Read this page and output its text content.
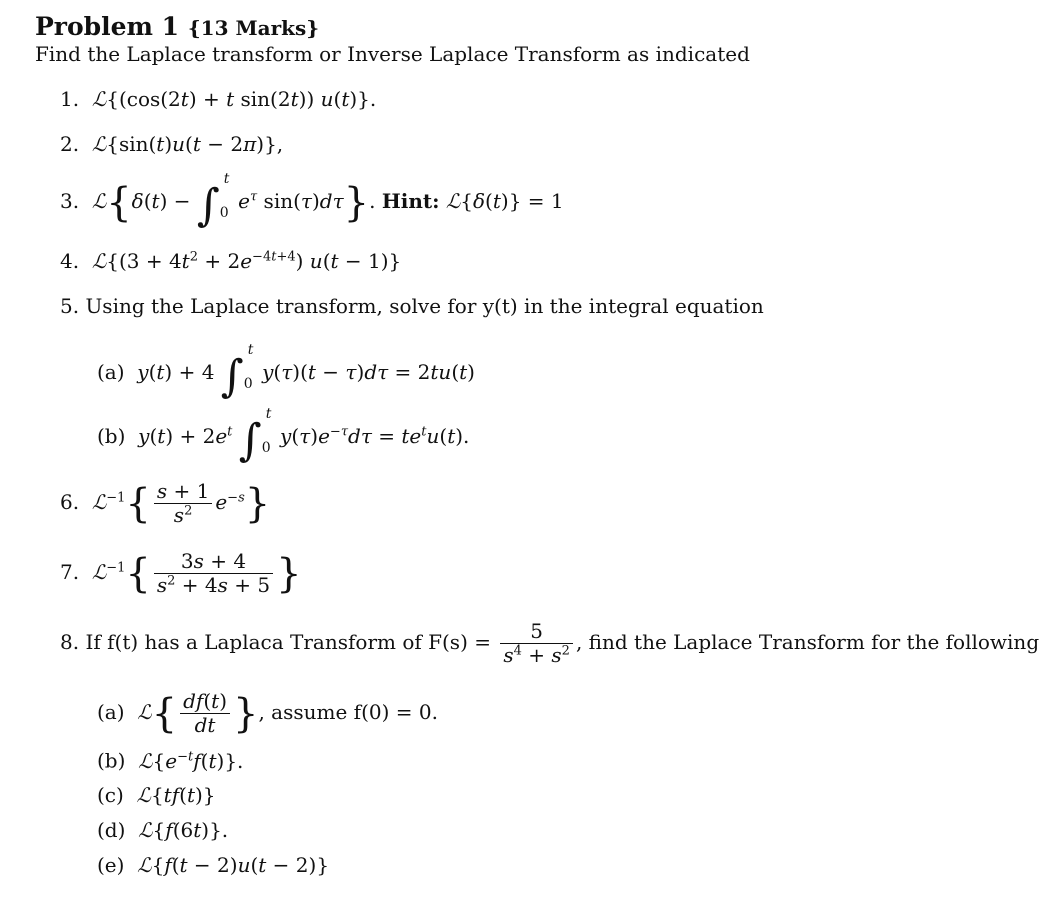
Problem 1 {13 Marks}
Find the Laplace transform or Inverse Laplace Transform as indicated
1. ℒ{(cos(2t) + t sin(2t)) u(t)}.
2. ℒ{sin(t)u(t − 2π)},
3. ℒ{δ(t) − ∫
t
0 $e^\tau$ sin(τ)dτ}. Hint: ℒ{δ(t)} = 1
4. ℒ{(3 + $4t^2 + 2e^{-4t+4}$) u(t − 1)}
5. Using the Laplace transform, solve for y(t) in the integral equation
(a) y(t) + 4 ∫
t
0 y(τ)(t − τ)dτ = 2tu(t)
(b) $y(t) + 2e^t$ ∫
t
0 $y(\tau)e^{-\tau}d\tau = te^tu(t)$.
6. ℒ$^{-1}${ $\frac{s + 1}{s^2} e^{-s}$}
7. ℒ$^{-1}${ $\frac{3s + 4}{s^2 + 4s + 5}$ }
8. If f(t) has a Laplaca Transform of $F(s) = \frac{5}{s^4 + s^2}$ , find the Laplace Transform for the following
(a) ℒ{ $\frac{df(t)}{dt}$ }, assume f(0) = 0.
(b) $ℒ\{e^{-t}f(t)\}$.
(c) ℒ{tf(t)}
(d) ℒ{f(6t)}.
(e) ℒ{f(t − 2)u(t − 2)}
